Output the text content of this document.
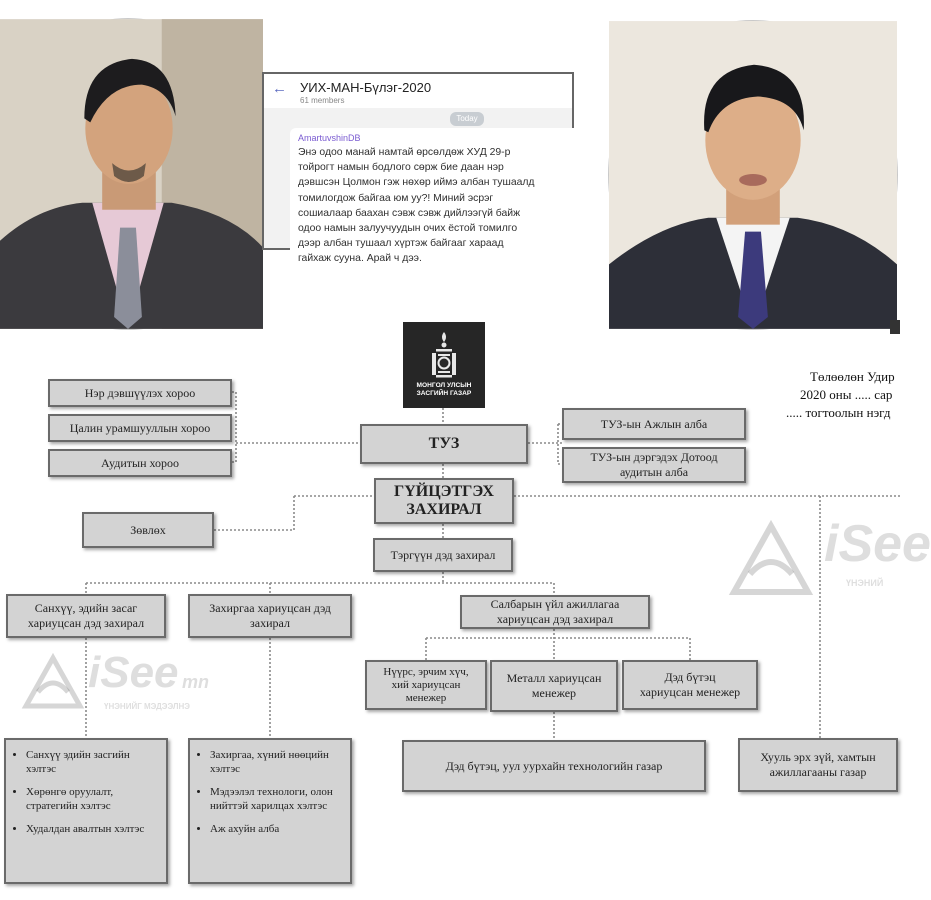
← УИХ-МАН-Бүлэг-2020
61 members
Today
AmartuvshinDB
Энэ одоо манай намтай өрсөлдөж ХУД 29-р
тойрогт намын бодлого сөрж бие даан нэр
дэвшсэн Цолмон гэж нөхөр иймэ албан тушаалд
томилогдож байгаа юм уу?! Миний эсрэг
сошиалаар баахан сэвж сэвж дийлээгүй байж
одоо намын залуучуудын очих ёстой томилго
дээр албан тушаал хүртэж байгааг хараад
гайхаж суунa. Арай ч дээ.
МОНГОЛ УЛСЫН
ЗАСГИЙН ГАЗАР
Нэр дэвшүүлэх хороо
Цалин урамшууллын хороо
Аудитын хороо
ТУЗ
ТУЗ-ын Ажлын алба
ТУЗ-ын дэргэдэх Дотоод
аудитын алба
ГҮЙЦЭТГЭХ
ЗАХИРАЛ
Зөвлөх
Тэргүүн дэд захирал
Санхүү, эдийн засаг
хариуцсан дэд захирал
Захиргаа хариуцсан дэд
захирал
Салбарын үйл ажиллагаа
хариуцсан дэд захирал
Нүүрс, эрчим хүч,
хий хариуцсан
менежер
Металл хариуцсан
менежер
Дэд бүтэц
хариуцсан менежер
• Санхүү эдийн засгийн хэлтэс
• Хөрөнгө оруулалт, стратегийн хэлтэс
• Худалдан авалтын хэлтэс
• Захиргаа, хүний нөөцийн хэлтэс
• Мэдээлэл технологи, олон нийттэй харилцах хэлтэс
• Аж ахуйн алба
Дэд бүтэц, уул уурхайн технологийн газар
Хууль эрх зүй, хамтын
ажиллагааны газар
Төлөөлөн Удир
2020 оны ..... сар
..... тогтоолын нэгд
iSee mn
ҮНЭНИЙГ МЭДЭЭЛНЭ
iSee
ҮНЭНИЙ
